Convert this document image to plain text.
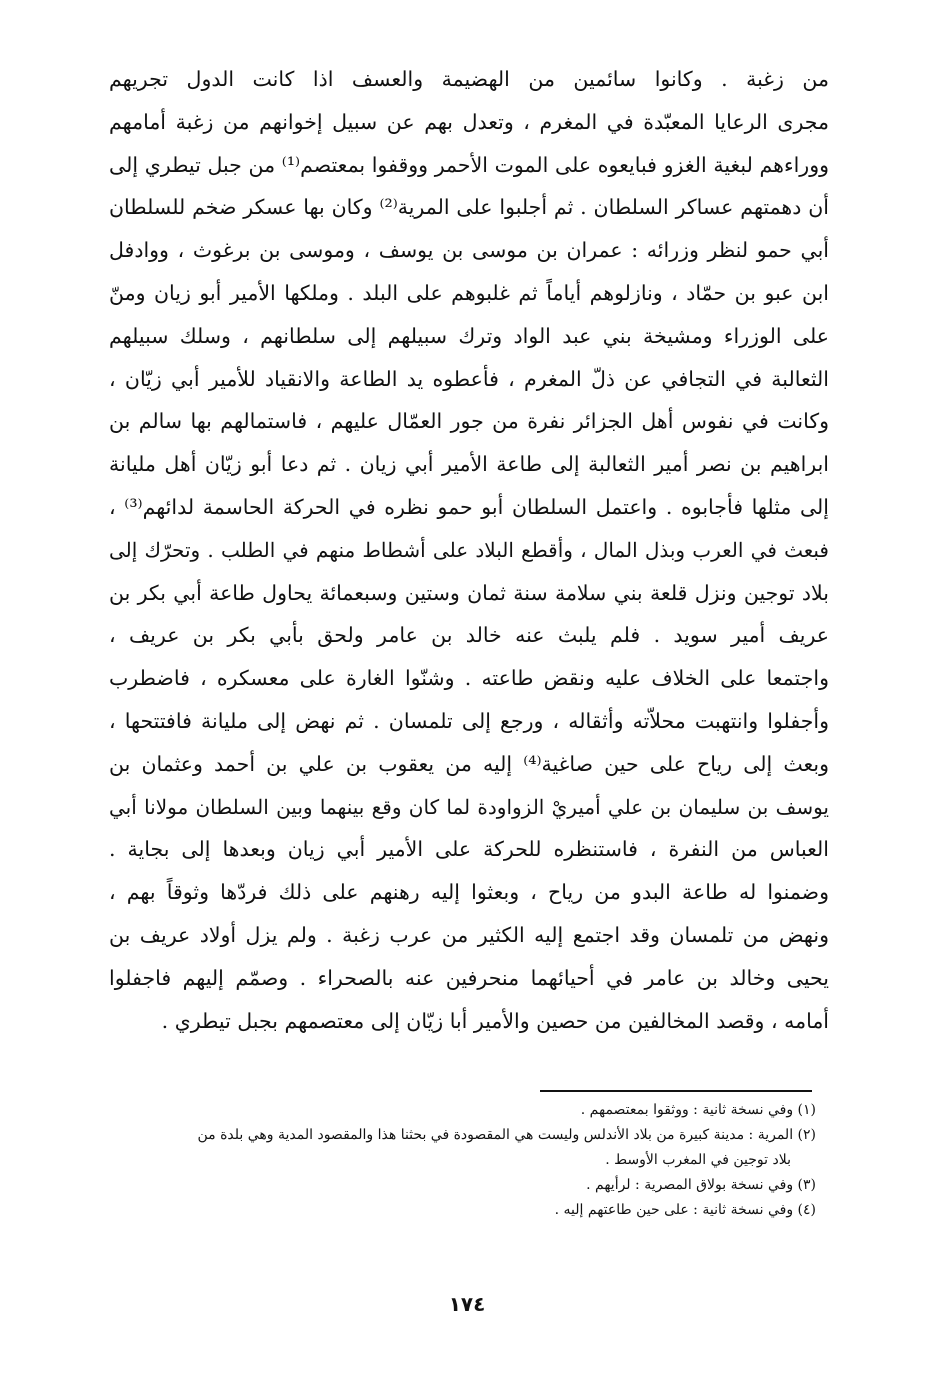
من زغبة . وكانوا سائمين من الهضيمة والعسف اذا كانت الدول تجريهم
مجرى الرعايا المعبّدة في المغرم ، وتعدل بهم عن سبيل إخوانهم من زغبة أمامهم
ووراءهم لبغية الغزو فبايعوه على الموت الأحمر ووقفوا بمعتصم⁽¹⁾ من جبل تيطري إلى
أن دهمتهم عساكر السلطان . ثم أجلبوا على المرية⁽²⁾ وكان بها عسكر ضخم للسلطان
أبي حمو لنظر وزرائه : عمران بن موسى بن يوسف ، وموسى بن برغوث ، ووادفل
ابن عبو بن حمّاد ، ونازلوهم أياماً ثم غلبوهم على البلد . وملكها الأمير أبو زيان ومنّ
على الوزراء ومشيخة بني عبد الواد وترك سبيلهم إلى سلطانهم ، وسلك سبيلهم
الثعالبة في التجافي عن ذلّ المغرم ، فأعطوه يد الطاعة والانقياد للأمير أبي زيّان ،
وكانت في نفوس أهل الجزائر نفرة من جور العمّال عليهم ، فاستمالهم بها سالم بن
ابراهيم بن نصر أمير الثعالبة إلى طاعة الأمير أبي زيان . ثم دعا أبو زيّان أهل مليانة
إلى مثلها فأجابوه . واعتمل السلطان أبو حمو نظره في الحركة الحاسمة لدائهم⁽³⁾ ،
فبعث في العرب وبذل المال ، وأقطع البلاد على أشطاط منهم في الطلب . وتحرّك إلى
بلاد توجين ونزل قلعة بني سلامة سنة ثمان وستين وسبعمائة يحاول طاعة أبي بكر بن
عريف أمير سويد . فلم يلبث عنه خالد بن عامر ولحق بأبي بكر بن عريف ،
واجتمعا على الخلاف عليه ونقض طاعته . وشنّوا الغارة على معسكره ، فاضطرب
وأجفلوا وانتهبت محلاّته وأثقاله ، ورجع إلى تلمسان . ثم نهض إلى مليانة فافتتحها ،
وبعث إلى رياح على حين صاغية⁽⁴⁾ إليه من يعقوب بن علي بن أحمد وعثمان بن
يوسف بن سليمان بن علي أميريْ الزواودة لما كان وقع بينهما وبين السلطان مولانا أبي
العباس من النفرة ، فاستنظره للحركة على الأمير أبي زيان وبعدها إلى بجاية .
وضمنوا له طاعة البدو من رياح ، وبعثوا إليه رهنهم على ذلك فردّها وثوقاً بهم ،
ونهض من تلمسان وقد اجتمع إليه الكثير من عرب زغبة . ولم يزل أولاد عريف بن
يحيى وخالد بن عامر في أحيائهما منحرفين عنه بالصحراء . وصمّم إليهم فاجفلوا
أمامه ، وقصد المخالفين من حصين والأمير أبا زيّان إلى معتصمهم بجبل تيطري .
(١) وفي نسخة ثانية : ووثقوا بمعتصمهم .
(٢) المرية : مدينة كبيرة من بلاد الأندلس وليست هي المقصودة في بحثنا هذا والمقصود المدية وهي بلدة من
بلاد توجين في المغرب الأوسط .
(٣) وفي نسخة بولاق المصرية : لرأيهم .
(٤) وفي نسخة ثانية : على حين طاعتهم إليه .
١٧٤
